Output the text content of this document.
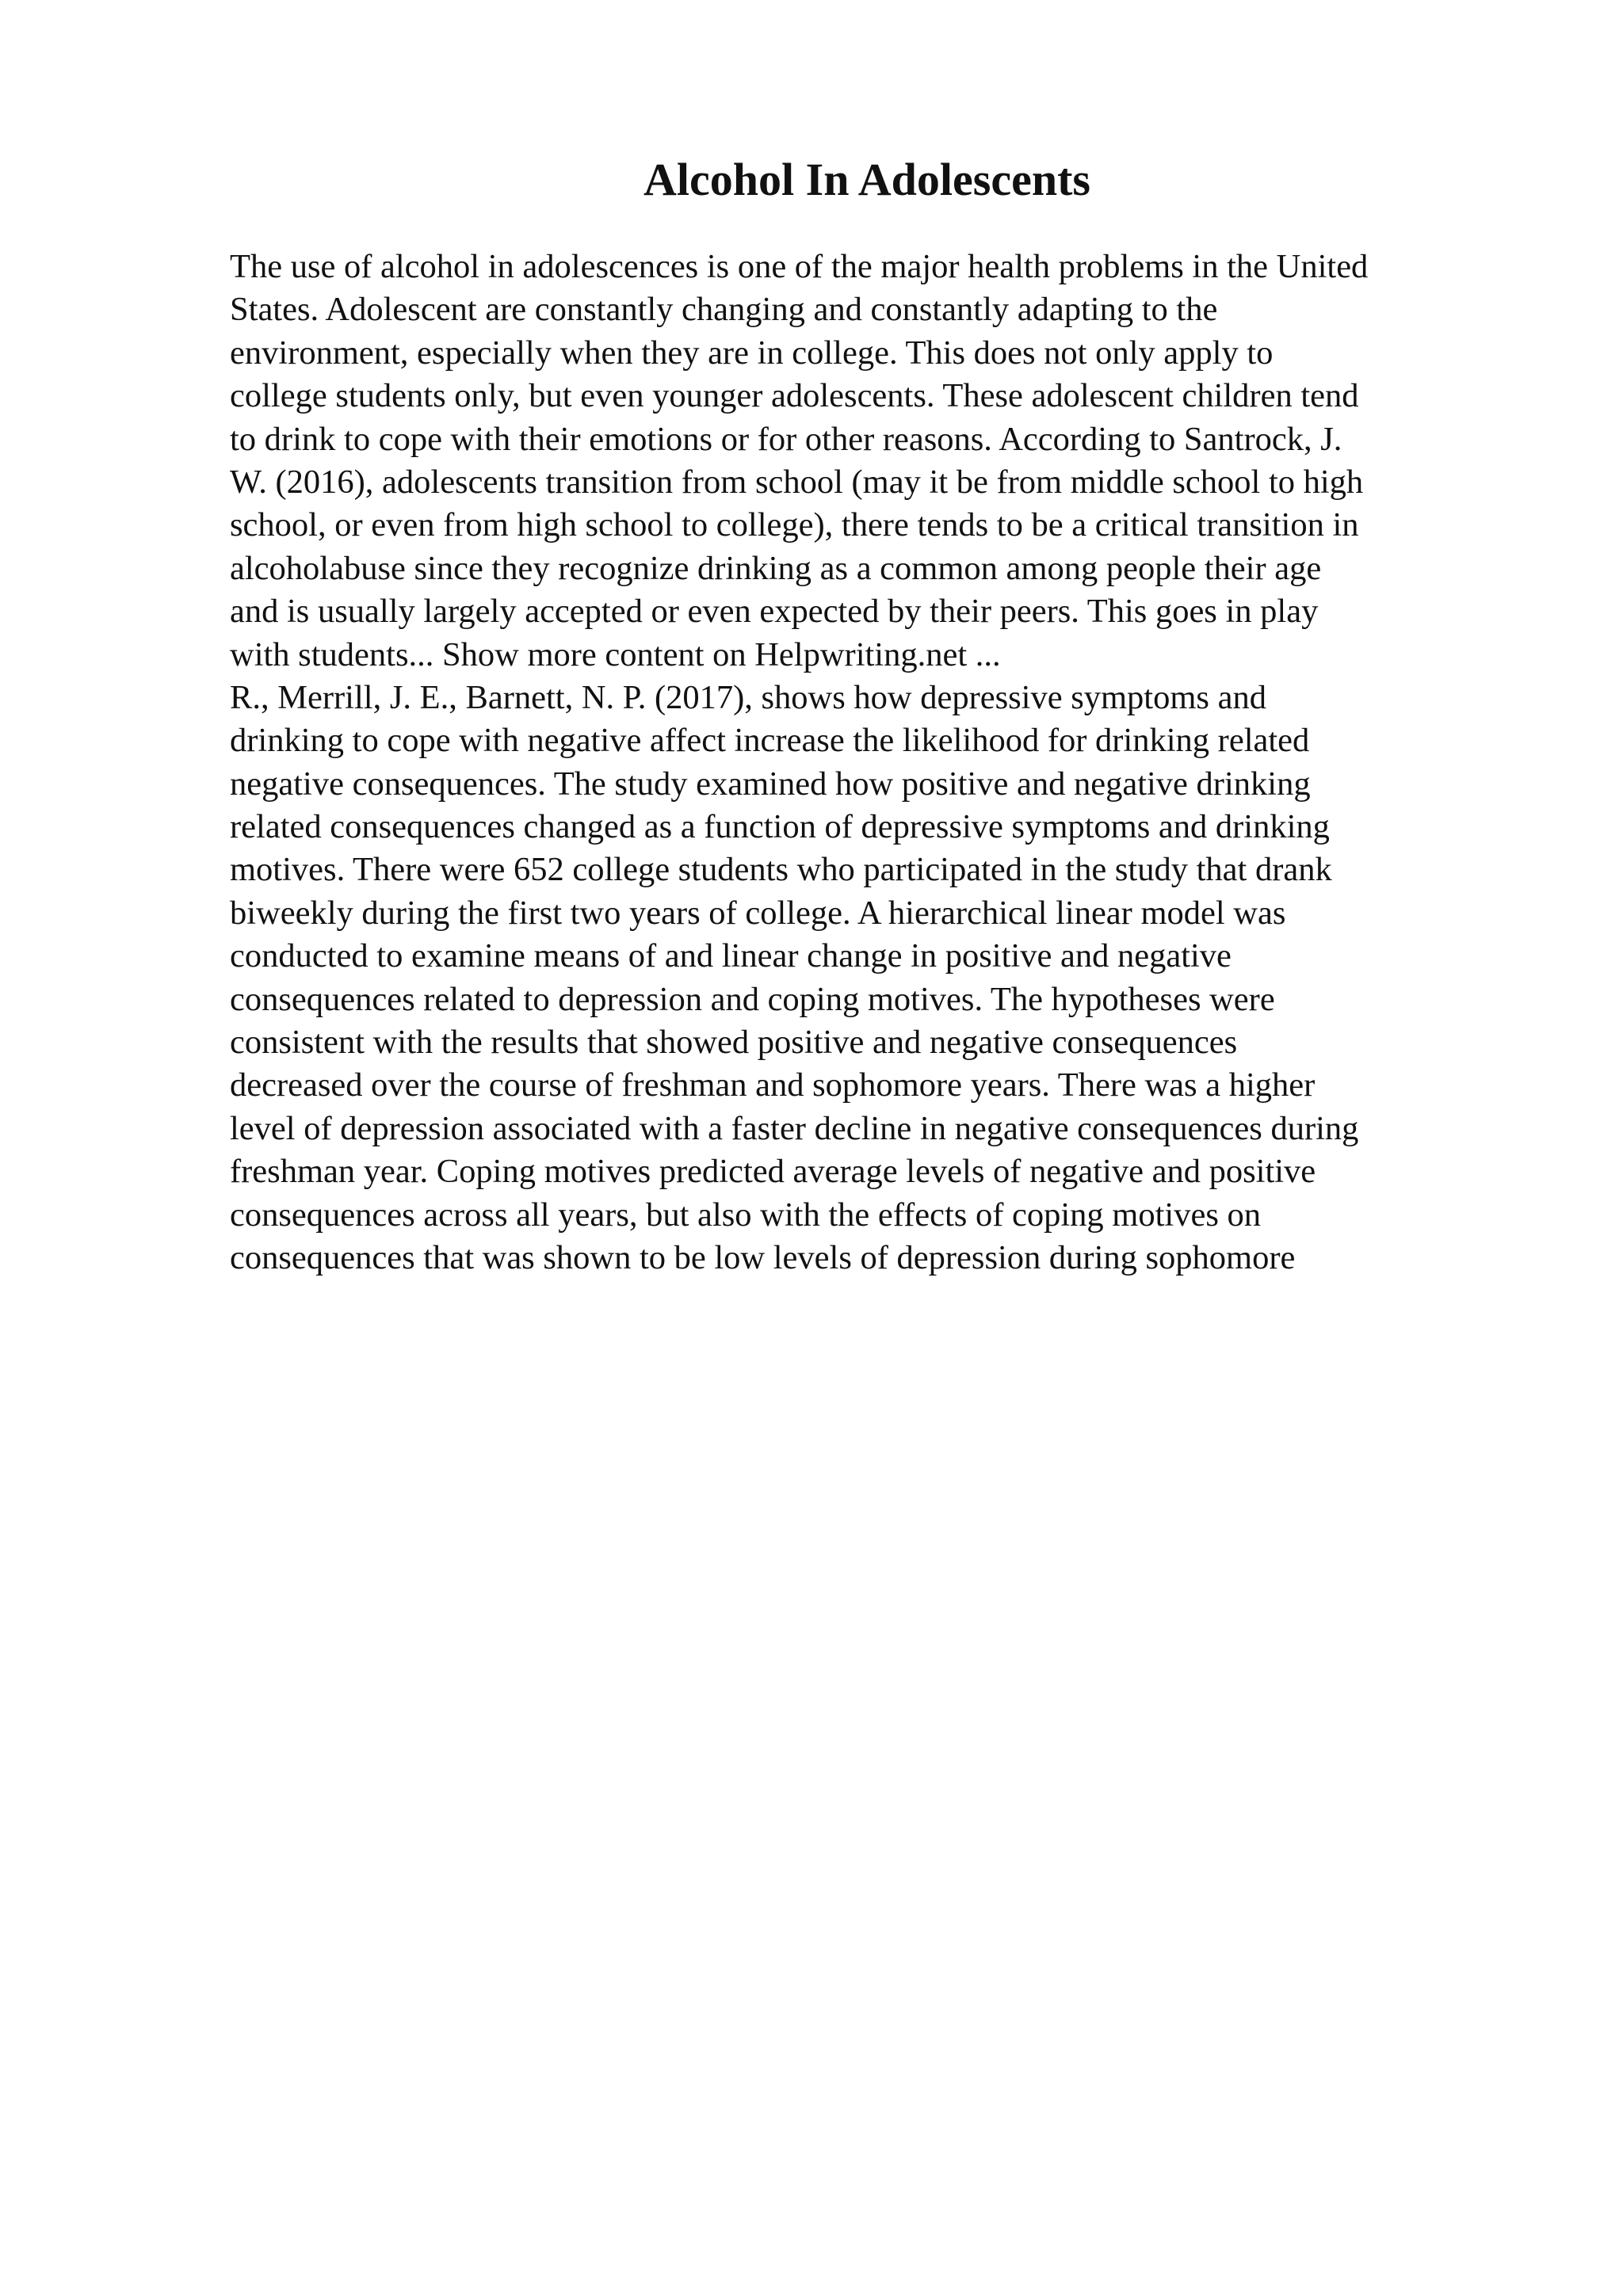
Alcohol In Adolescents
The use of alcohol in adolescences is one of the major health problems in the United
States. Adolescent are constantly changing and constantly adapting to the
environment, especially when they are in college. This does not only apply to
college students only, but even younger adolescents. These adolescent children tend
to drink to cope with their emotions or for other reasons. According to Santrock, J.
W. (2016), adolescents transition from school (may it be from middle school to high
school, or even from high school to college), there tends to be a critical transition in
alcoholabuse since they recognize drinking as a common among people their age
and is usually largely accepted or even expected by their peers. This goes in play
with students... Show more content on Helpwriting.net ...
R., Merrill, J. E., Barnett, N. P. (2017), shows how depressive symptoms and
drinking to cope with negative affect increase the likelihood for drinking related
negative consequences. The study examined how positive and negative drinking
related consequences changed as a function of depressive symptoms and drinking
motives. There were 652 college students who participated in the study that drank
biweekly during the first two years of college. A hierarchical linear model was
conducted to examine means of and linear change in positive and negative
consequences related to depression and coping motives. The hypotheses were
consistent with the results that showed positive and negative consequences
decreased over the course of freshman and sophomore years. There was a higher
level of depression associated with a faster decline in negative consequences during
freshman year. Coping motives predicted average levels of negative and positive
consequences across all years, but also with the effects of coping motives on
consequences that was shown to be low levels of depression during sophomore
